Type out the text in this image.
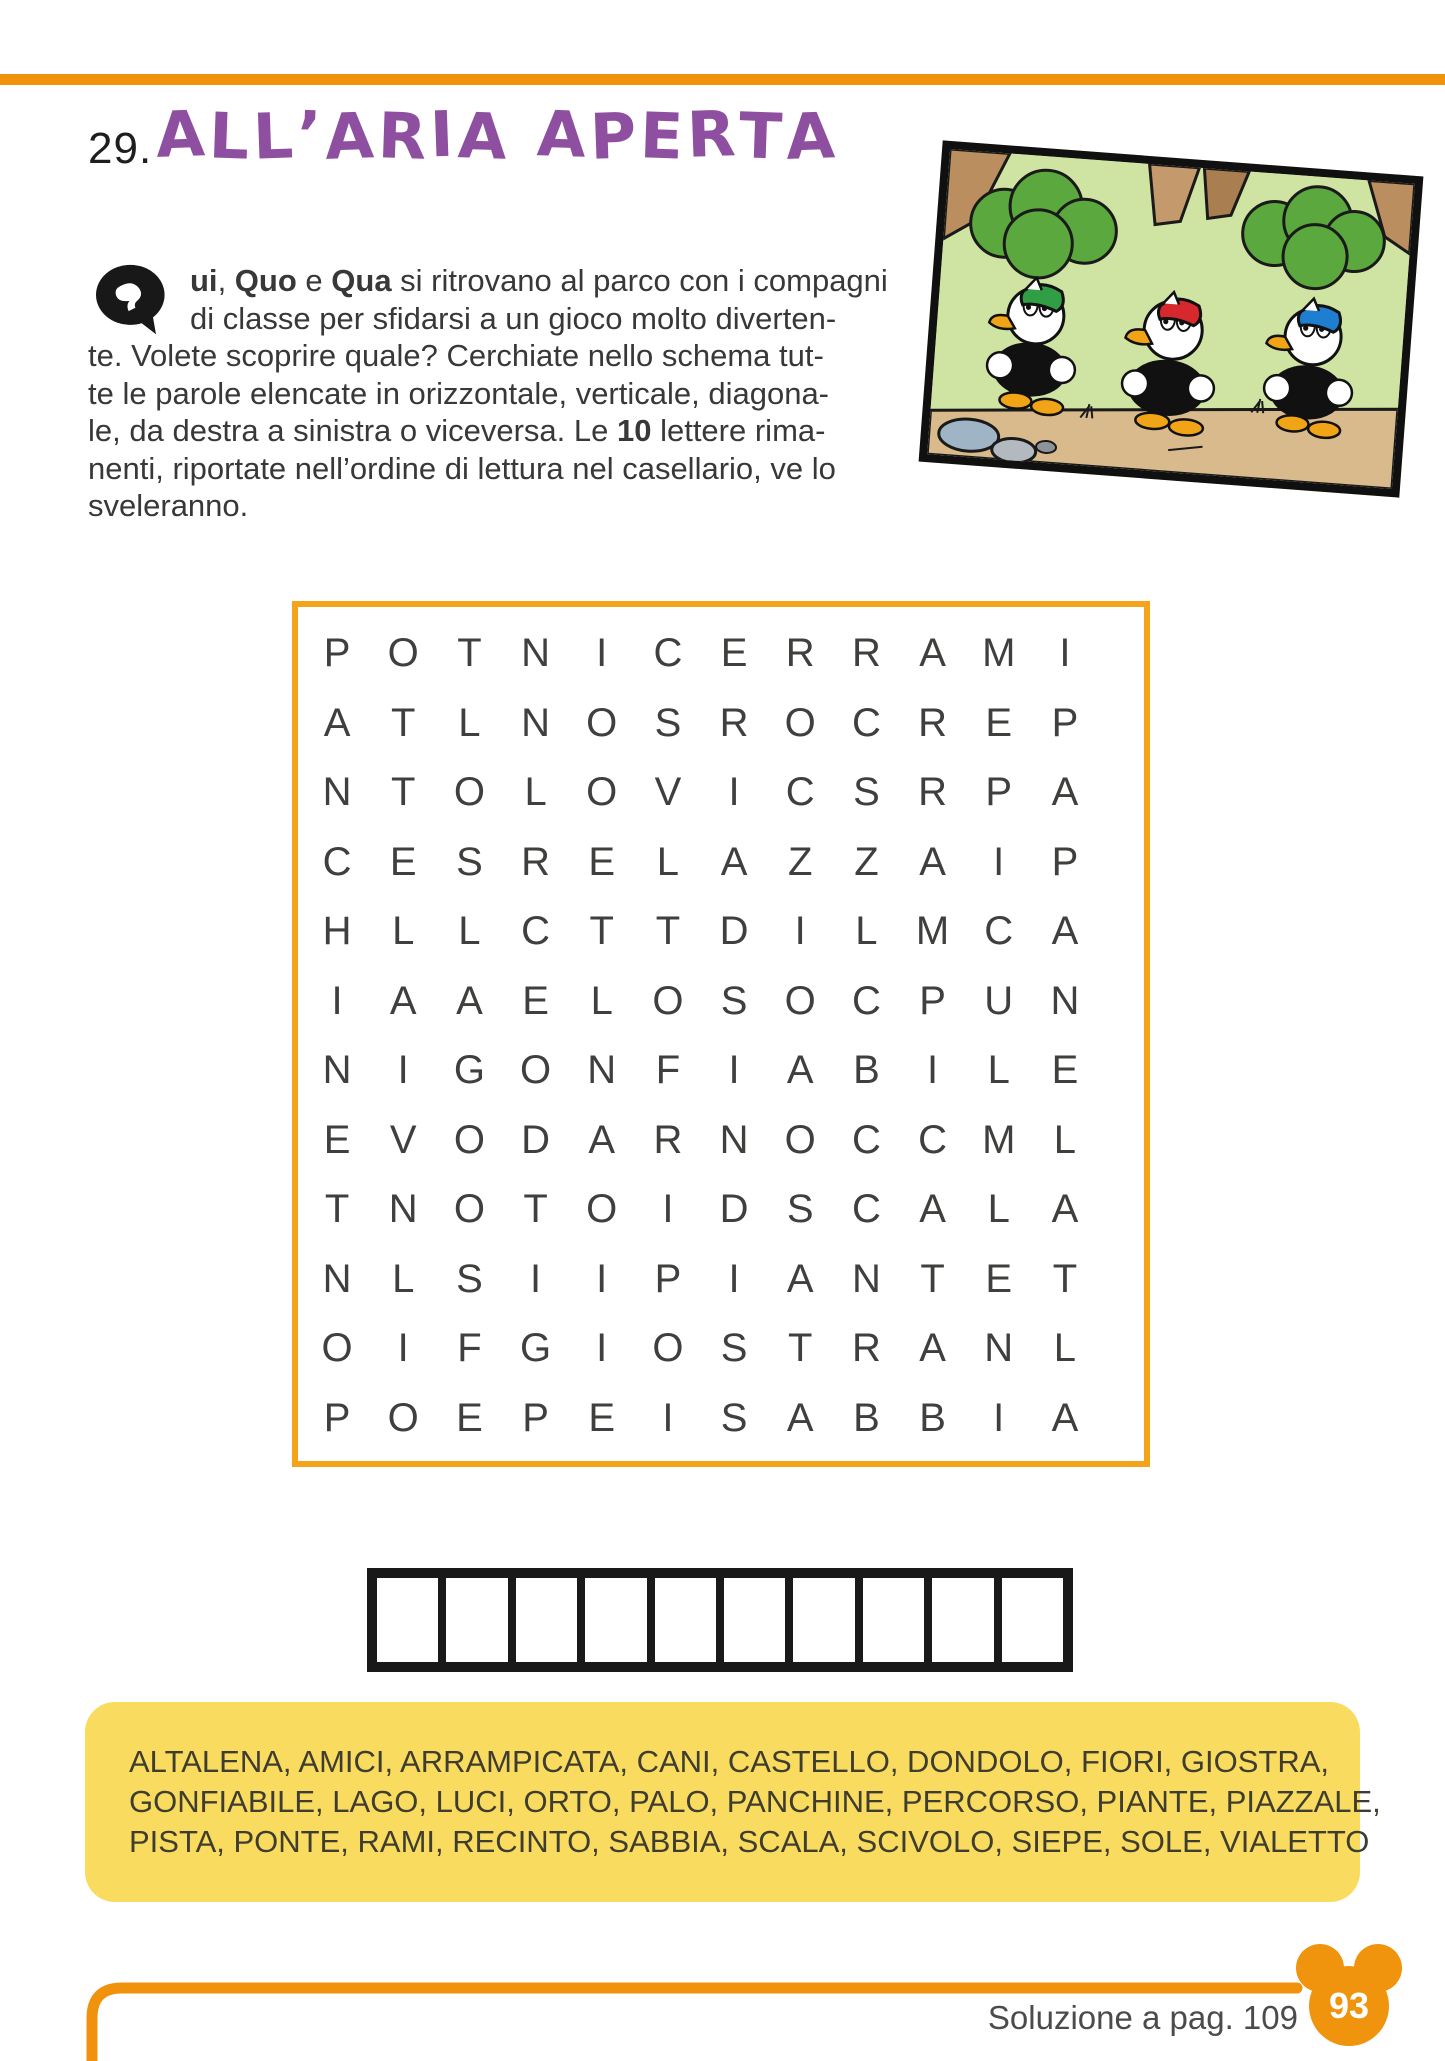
29. ALL’ARIA APERTA
ui, Quo e Qua si ritrovano al parco con i compagni
di classe per sfidarsi a un gioco molto diverten-
te. Volete scoprire quale? Cerchiate nello schema tut-
te le parole elencate in orizzontale, verticale, diagona-
le, da destra a sinistra o viceversa. Le 10 lettere rima-
nenti, riportate nell’ordine di lettura nel casellario, ve lo
sveleranno.
P O T N	I	C E R R A M	I
A	T	L	N O S R O C R E P
N T O L O V	I	C S R P A
C E S R E	L	A	Z	Z	A	I	P
H	L	L	C T	T D	I	L M C A
I	A A E	L O S O C P U N
N	I	G O N F	I	A B	I	L	E
E V O D A R N O C C M L
T N O T O	I	D S C A	L	A
N	L	S	I	I	P	I	A N T	E	T
O	I	F G	I	O S	T R A N	L
P O E P E	I	S A B B	I	A
ALTALENA, AMICI, ARRAMPICATA, CANI, CASTELLO, DONDOLO, FIORI, GIOSTRA,
GONFIABILE, LAGO, LUCI, ORTO, PALO, PANCHINE, PERCORSO, PIANTE, PIAZZALE,
PISTA, PONTE, RAMI, RECINTO, SABBIA, SCALA, SCIVOLO, SIEPE, SOLE, VIALETTO
93
Soluzione a pag. 109
